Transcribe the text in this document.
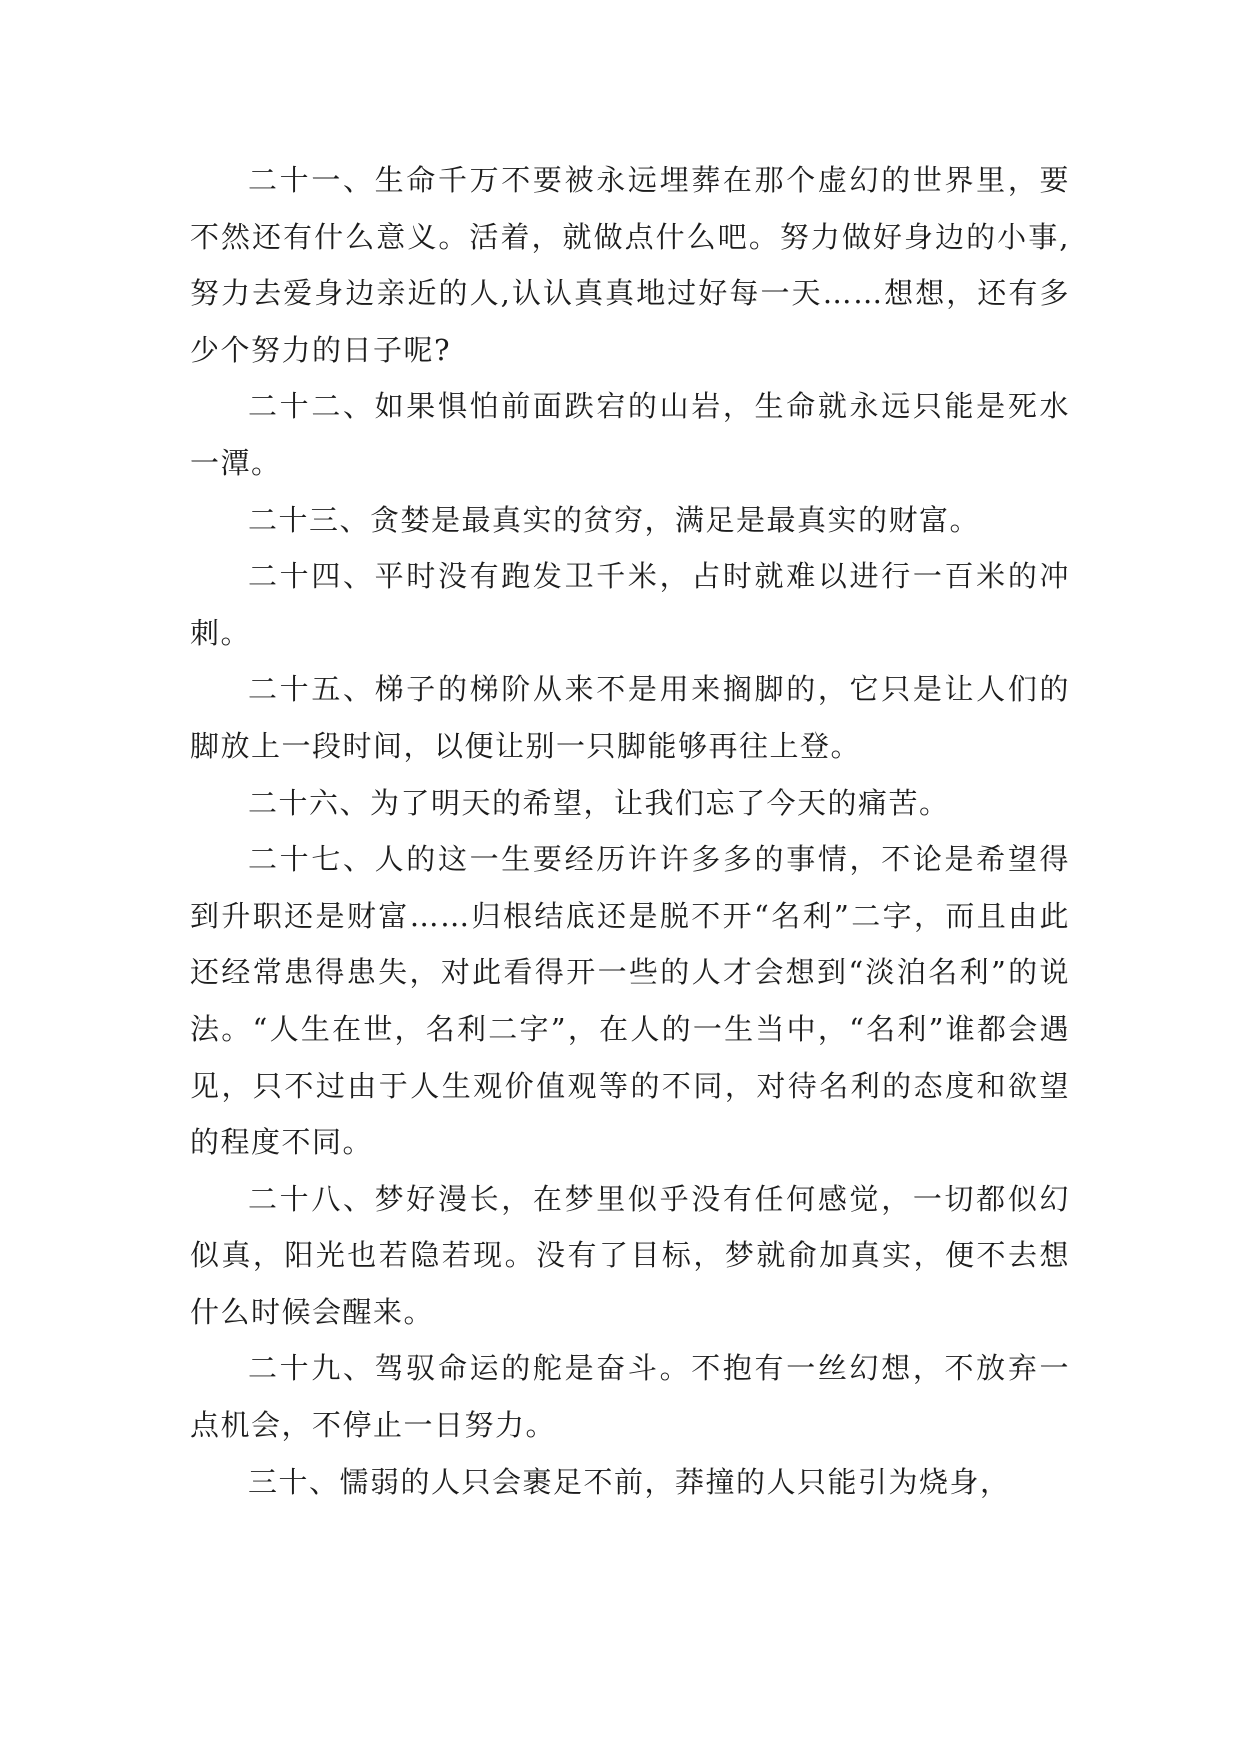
二十一、生命千万不要被永远埋葬在那个虚幻的世界里，要不然还有什么意义。活着，就做点什么吧。努力做好身边的小事,努力去爱身边亲近的人,认认真真地过好每一天……想想，还有多少个努力的日子呢?

二十二、如果惧怕前面跌宕的山岩，生命就永远只能是死水一潭。

二十三、贪婪是最真实的贫穷，满足是最真实的财富。

二十四、平时没有跑发卫千米，占时就难以进行一百米的冲刺。

二十五、梯子的梯阶从来不是用来搁脚的，它只是让人们的脚放上一段时间，以便让别一只脚能够再往上登。

二十六、为了明天的希望，让我们忘了今天的痛苦。

二十七、人的这一生要经历许许多多的事情，不论是希望得到升职还是财富……归根结底还是脱不开“名利”二字，而且由此还经常患得患失，对此看得开一些的人才会想到“淡泊名利”的说法。“人生在世，名利二字”，在人的一生当中，“名利”谁都会遇见，只不过由于人生观价值观等的不同，对待名利的态度和欲望的程度不同。

二十八、梦好漫长，在梦里似乎没有任何感觉，一切都似幻似真，阳光也若隐若现。没有了目标，梦就俞加真实，便不去想什么时候会醒来。

二十九、驾驭命运的舵是奋斗。不抱有一丝幻想，不放弃一点机会，不停止一日努力。

三十、懦弱的人只会裹足不前，莽撞的人只能引为烧身，
